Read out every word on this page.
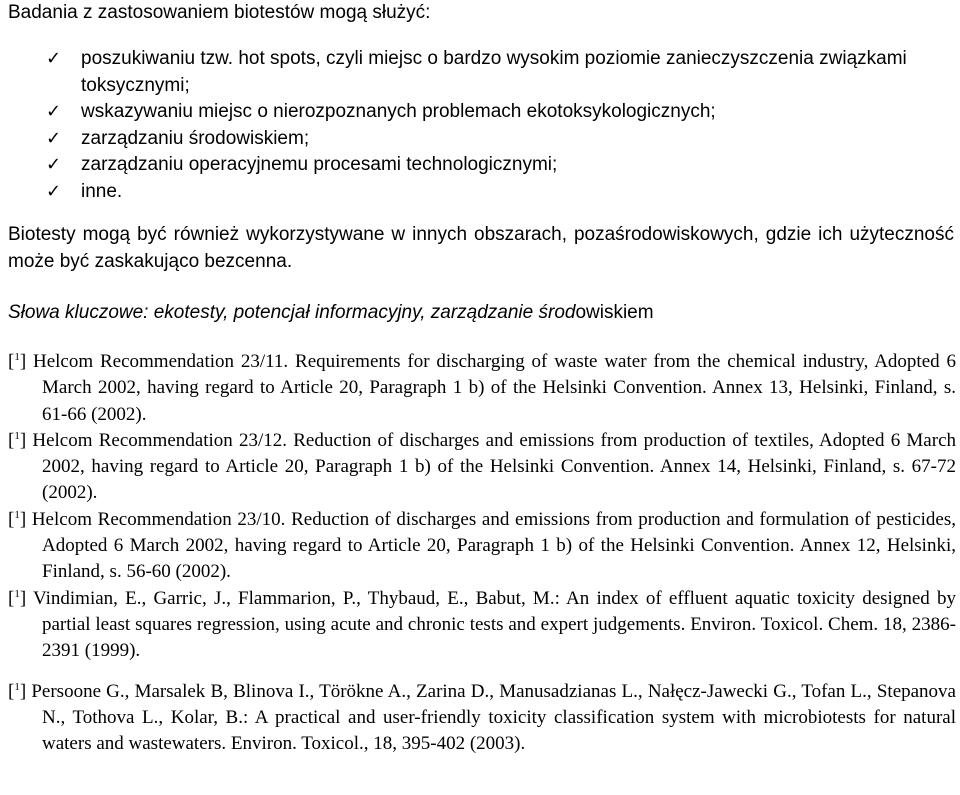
Badania z zastosowaniem biotestów mogą służyć:
✓ poszukiwaniu tzw. hot spots, czyli miejsc o bardzo wysokim poziomie zanieczyszczenia związkami toksycznymi;
✓ wskazywaniu miejsc o nierozpoznanych problemach ekotoksykologicznych;
✓ zarządzaniu środowiskiem;
✓ zarządzaniu operacyjnemu procesami technologicznymi;
✓ inne.
Biotesty mogą być również wykorzystywane w innych obszarach, pozaśrodowiskowych, gdzie ich użyteczność może być zaskakująco bezcenna.
Słowa kluczowe: ekotesty, potencjał informacyjny, zarządzanie środowiskiem
[$^1$] Helcom Recommendation 23/11. Requirements for discharging of waste water from the chemical industry, Adopted 6 March 2002, having regard to Article 20, Paragraph 1 b) of the Helsinki Convention. Annex 13, Helsinki, Finland, s. 61-66 (2002).
[$^1$] Helcom Recommendation 23/12. Reduction of discharges and emissions from production of textiles, Adopted 6 March 2002, having regard to Article 20, Paragraph 1 b) of the Helsinki Convention. Annex 14, Helsinki, Finland, s. 67-72 (2002).
[$^1$] Helcom Recommendation 23/10. Reduction of discharges and emissions from production and formulation of pesticides, Adopted 6 March 2002, having regard to Article 20, Paragraph 1 b) of the Helsinki Convention. Annex 12, Helsinki, Finland, s. 56-60 (2002).
[$^1$] Vindimian, E., Garric, J., Flammarion, P., Thybaud, E., Babut, M.: An index of effluent aquatic toxicity designed by partial least squares regression, using acute and chronic tests and expert judgements. Environ. Toxicol. Chem. 18, 2386-2391 (1999).
[$^1$] Persoone G., Marsalek B, Blinova I., Törökne A., Zarina D., Manusadzianas L., Nałęcz-Jawecki G., Tofan L., Stepanova N., Tothova L., Kolar, B.: A practical and user-friendly toxicity classification system with microbiotests for natural waters and wastewaters. Environ. Toxicol., 18, 395-402 (2003).
